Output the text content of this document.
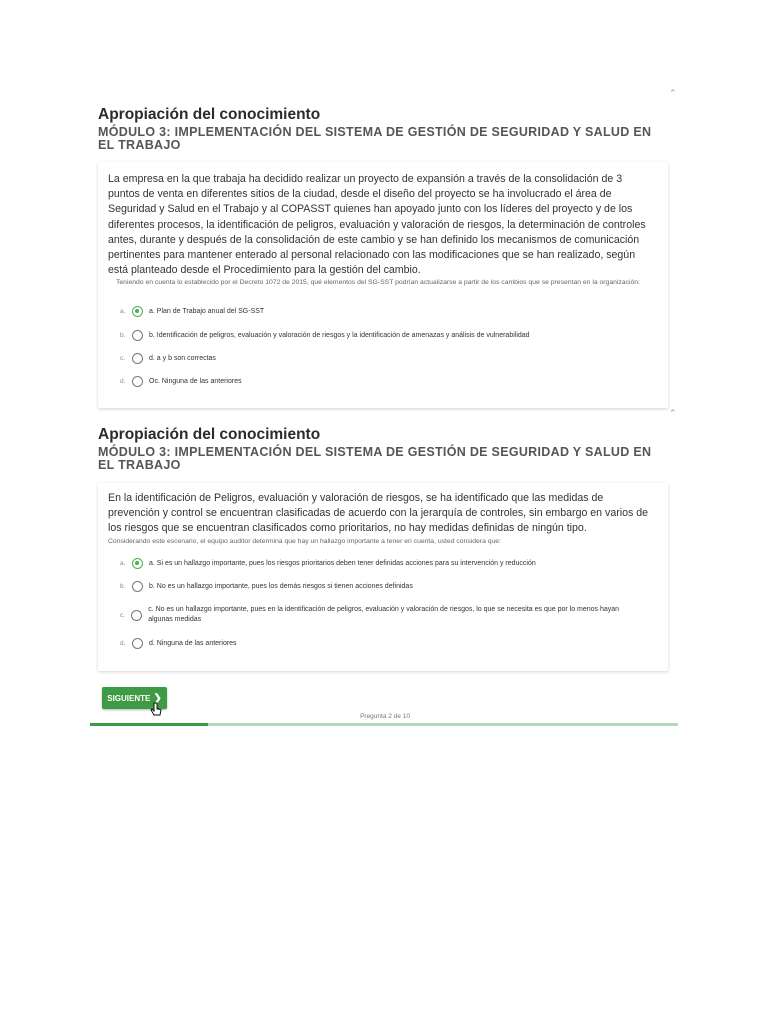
⌃
⌃
Apropiación del conocimiento
MÓDULO 3: IMPLEMENTACIÓN DEL SISTEMA DE GESTIÓN DE SEGURIDAD Y SALUD EN EL TRABAJO

La empresa en la que trabaja ha decidido realizar un proyecto de expansión a través de la consolidación de 3 puntos de venta en diferentes sitios de la ciudad, desde el diseño del proyecto se ha involucrado el área de Seguridad y Salud en el Trabajo y al COPASST quienes han apoyado junto con los líderes del proyecto y de los diferentes procesos, la identificación de peligros, evaluación y valoración de riesgos, la determinación de controles antes, durante y después de la consolidación de este cambio y se han definido los mecanismos de comunicación pertinentes para mantener enterado al personal relacionado con las modificaciones que se han realizado, según está planteado desde el Procedimiento para la gestión del cambio.

Teniendo en cuenta lo establecido por el Decreto 1072 de 2015, qué elementos del SG-SST podrían actualizarse a partir de los cambios que se presentan en la organización:

a.	a. Plan de Trabajo anual del SG-SST
b.	b. Identificación de peligros, evaluación y valoración de riesgos y la identificación de amenazas y análisis de vulnerabilidad
c.	d. a y b son correctas
d.	Oc. Ninguna de las anteriores
Apropiación del conocimiento
MÓDULO 3: IMPLEMENTACIÓN DEL SISTEMA DE GESTIÓN DE SEGURIDAD Y SALUD EN EL TRABAJO

En la identificación de Peligros, evaluación y valoración de riesgos, se ha identificado que las medidas de prevención y control se encuentran clasificadas de acuerdo con la jerarquía de controles, sin embargo en varios de los riesgos que se encuentran clasificados como prioritarios, no hay medidas definidas de ningún tipo.

Considerando este escenario, el equipo auditor determina que hay un hallazgo importante a tener en cuenta, usted considera que:

a.	a. Si es un hallazgo importante, pues los riesgos prioritarios deben tener definidas acciones para su intervención y reducción
b.	b. No es un hallazgo importante, pues los demás riesgos si tienen acciones definidas
c.
c. No es un hallazgo importante, pues en la identificación de peligros, evaluación y valoración de riesgos, lo que se necesita es que por lo menos hayan algunas medidas
d.	d. Ninguna de las anteriores
SIGUIENTE ❯
Pregunta 2 de 10
